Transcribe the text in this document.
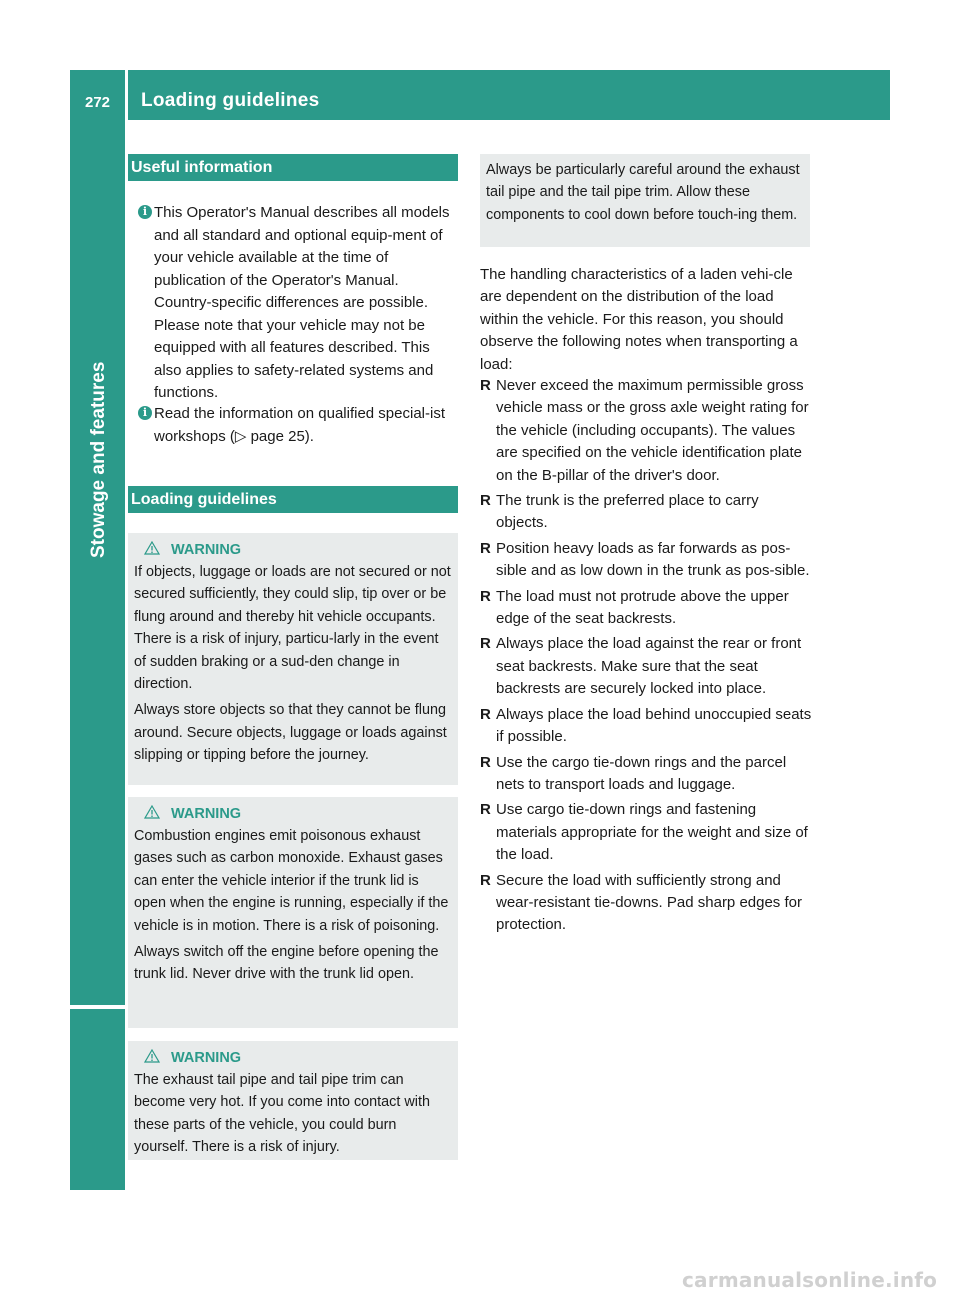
272	Loading guidelines
Stowage and features
Useful information
i This Operator's Manual describes all models and all standard and optional equip-ment of your vehicle available at the time of publication of the Operator's Manual. Country-specific differences are possible. Please note that your vehicle may not be equipped with all features described. This also applies to safety-related systems and functions.
i Read the information on qualified special-ist workshops (▷ page 25).
Loading guidelines
WARNING

If objects, luggage or loads are not secured or not secured sufficiently, they could slip, tip over or be flung around and thereby hit vehicle occupants. There is a risk of injury, particu-larly in the event of sudden braking or a sud-den change in direction.

Always store objects so that they cannot be flung around. Secure objects, luggage or loads against slipping or tipping before the journey.

WARNING

Combustion engines emit poisonous exhaust gases such as carbon monoxide. Exhaust gases can enter the vehicle interior if the trunk lid is open when the engine is running, especially if the vehicle is in motion. There is a risk of poisoning.

Always switch off the engine before opening the trunk lid. Never drive with the trunk lid open.

WARNING

The exhaust tail pipe and tail pipe trim can become very hot. If you come into contact with these parts of the vehicle, you could burn yourself. There is a risk of injury.

Always be particularly careful around the exhaust tail pipe and the tail pipe trim. Allow these components to cool down before touch-ing them.

The handling characteristics of a laden vehi-cle are dependent on the distribution of the load within the vehicle. For this reason, you should observe the following notes when transporting a load:
R Never exceed the maximum permissible gross vehicle mass or the gross axle weight rating for the vehicle (including occupants). The values are specified on the vehicle identification plate on the B-pillar of the driver's door.
R The trunk is the preferred place to carry objects.
R Position heavy loads as far forwards as pos-sible and as low down in the trunk as pos-sible.
R The load must not protrude above the upper edge of the seat backrests.
R Always place the load against the rear or front seat backrests. Make sure that the seat backrests are securely locked into place.
R Always place the load behind unoccupied seats if possible.
R Use the cargo tie-down rings and the parcel nets to transport loads and luggage.
R Use cargo tie-down rings and fastening materials appropriate for the weight and size of the load.
R Secure the load with sufficiently strong and wear-resistant tie-downs. Pad sharp edges for protection.
carmanualsonline.info
